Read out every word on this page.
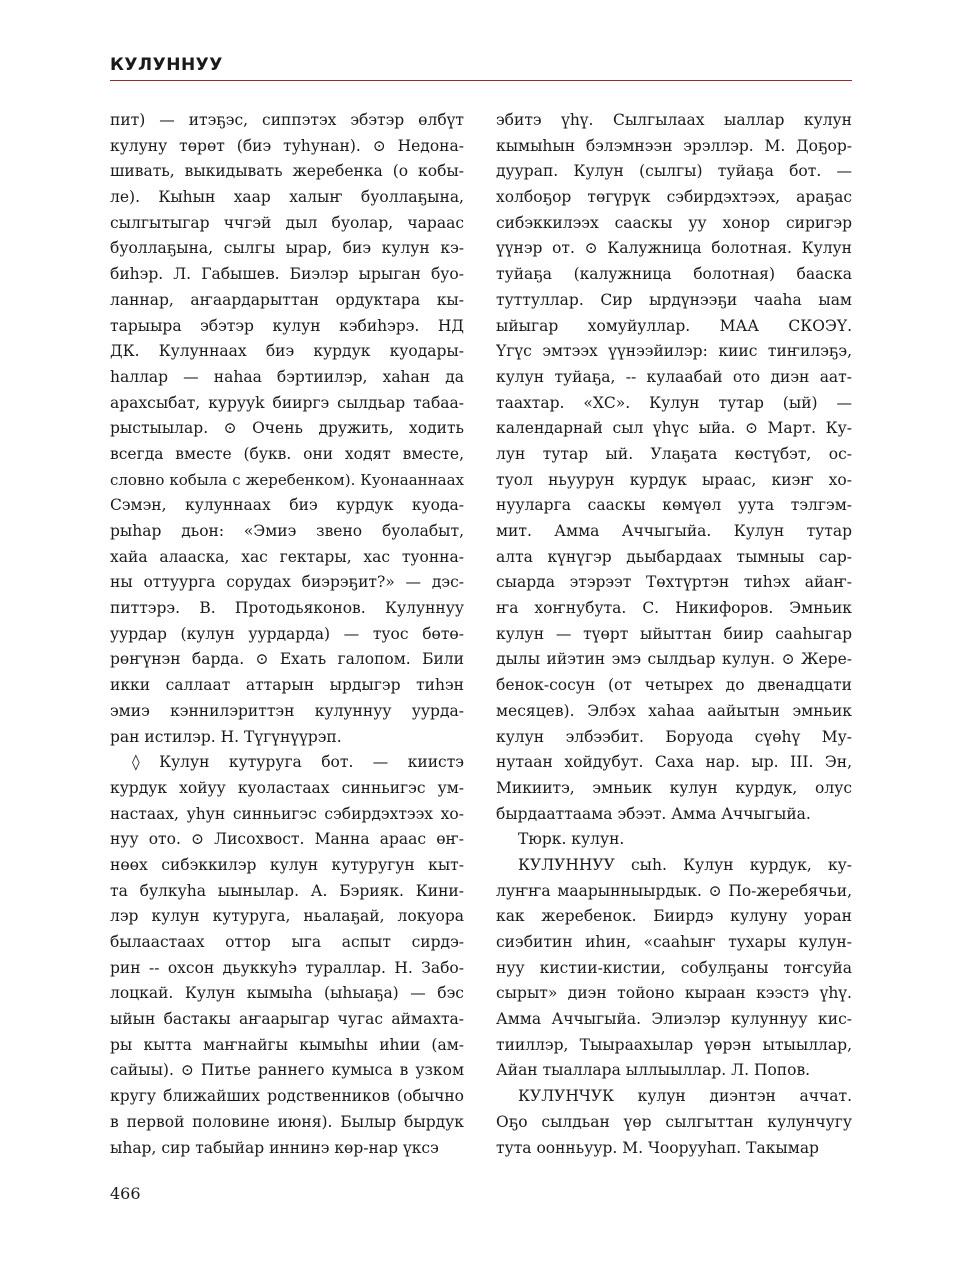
КУЛУННУУ
пит) — итэҕэс, сиппэтэх эбэтэр өлбүт
кулуну төрөт (биэ туһунан). ⊙ Недона-
шивать, выкидывать жеребенка (о кобы-
ле). Кыһын хаар халыҥ буоллаҕына,
сылгытыгар ччгэй дыл буолар, чараас
буоллаҕына, сылгы ырар, биэ кулун кэ-
биһэр. Л. Габышев. Биэлэр ырыган буо-
ланнар, аҥаардарыттан ордуктара кы-
тарыыра эбэтэр кулун кэбиһэрэ. НД
ДК. Кулуннаах биэ курдук куодары-
һаллар — наһаа бэртиилэр, хаһан да
арахсыбат, курууk бииргэ сылдьар табаа-
рыстыылар. ⊙ Очень дружить, ходить
всегда вместе (букв. они ходят вместе,
словно кобыла с жеребенком). Куонааннаах
Сэмэн, кулуннаах биэ курдук куода-
рыһар дьон: «Эмиэ звено буолабыт,
хайа алааска, хас гектары, хас туонна-
ны оттуурга сорудах биэрэҕит?» — дэс-
питтэрэ. В. Протодьяконов. Кулуннуу
уурдар (кулун уурдарда) — туос бөтө-
рөҥүнэн барда. ⊙ Ехать галопом. Били
икки саллаат аттарын ырдыгэр тиһэн
эмиэ кэннилэриттэн кулуннуу уурда-
ран истилэр. Н. Түгүнүүрэп.
◊ Кулун кутуруга бот. — киистэ
курдук хойуу куоластаах синньигэс ум-
настаах, уһун синньигэс сэбирдэхтээх хо-
нуу ото. ⊙ Лисохвост. Манна араас өҥ-
нөөх сибэккилэр кулун кутуругун кыт-
та булкуһа ыынылар. А. Бэрияк. Кини-
лэр кулун кутуруга, ньалаҕай, локуора
былаастаах оттор ыга аспыт сирдэ-
рин -- охсон дьуккуһэ тураллар. Н. Забо-
лоцкай. Кулун кымыһа (ыһыаҕа) — бэс
ыйын бастакы аҥаарыгар чугас аймахта-
ры кытта маҥнайгы кымыһы иһии (ам-
сайыы). ⊙ Питье раннего кумыса в узком
кругу ближайших родственников (обычно
в первой половине июня). Былыр бырдук
ыһар, сир табыйар иннинэ көр-нар үксэ
эбитэ үһү. Сылгылаах ыаллар кулун
кымыһын бэлэмнээн эрэллэр. М. Доҕор-
дуурап. Кулун (сылгы) туйаҕа бот. —
холбоҕор төгүрүк сэбирдэхтээх, араҕас
сибэккилээх сааскы уу хонор сиригэр
үүнэр от. ⊙ Калужница болотная. Кулун
туйаҕа (калужница болотная) бааска
туттуллар. Сир ырдүнээҕи чааһа ыам
ыйыгар хомуйуллар. МАА СКОЭҮ.
Үгүс эмтээх үүнээйилэр: киис тиҥилэҕэ,
кулун туйаҕа, -- кулаабай ото диэн аат-
таахтар. «ХС». Кулун тутар (ый) —
календарнай сыл үһүс ыйа. ⊙ Март. Ку-
лун тутар ый. Улаҕата көстүбэт, ос-
туол ньуурун курдук ыраас, киэҥ хо-
нууларга сааскы көмүөл уута тэлгэм-
мит. Амма Аччыгыйа. Кулун тутар
алта күнүгэр дьыбардаах тымныы сар-
сыарда этэрээт Төхтүртэн тиһэх айаҥ-
ҥа хоҥнубута. С. Никифоров. Эмньик
кулун — түөрт ыйыттан биир сааһыгар
дылы ийэтин эмэ сылдьар кулун. ⊙ Жере-
бенок-сосун (от четырех до двенадцати
месяцев). Элбэх хаһаа аайытын эмньик
кулун элбээбит. Боруода сүөһү Му-
нутаан хойдубут. Саха нар. ыр. III. Эн,
Микиитэ, эмньик кулун курдук, олус
бырдааттаама эбээт. Амма Аччыгыйа.
Тюрк. кулун.
КУЛУННУУ сыһ. Кулун курдук, ку-
луҥҥа маарынныырдык. ⊙ По-жеребячьи,
как жеребенок. Биирдэ кулуну уоран
сиэбитин иһин, «сааһыҥ тухары кулун-
нуу кистии-кистии, собулҕаны тоҥсуйа
сырыт» диэн тойоно кыраан кээстэ үһү.
Амма Аччыгыйа. Элиэлэр кулуннуу кис-
тииллэр, Тыыраахылар үөрэн ытыыллар,
Айан тыаллара ыллыыллар. Л. Попов.
КУЛУНЧУК кулун диэнтэн аччат.
Оҕо сылдьан үөр сылгыттан кулунчугу
тута оонньуур. М. Чоорууһап. Такымар
466
